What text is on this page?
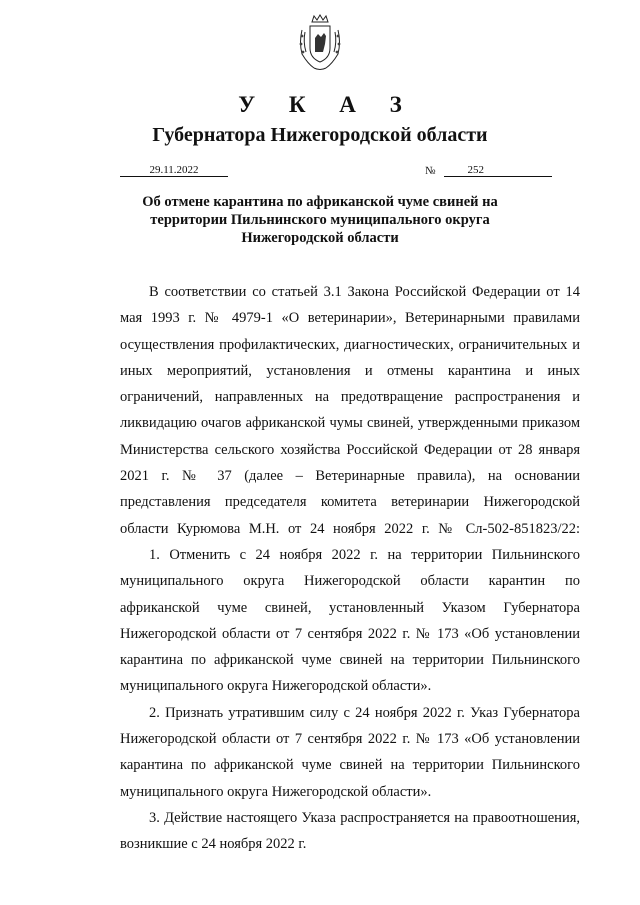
У К А З
Губернатора Нижегородской области
29.11.2022	№	252
Об отмене карантина по африканской чуме свиней на территории Пильнинского муниципального округа Нижегородской области

В соответствии со статьей 3.1 Закона Российской Федерации от 14 мая 1993 г. № 4979-1 «О ветеринарии», Ветеринарными правилами осуществления профилактических, диагностических, ограничительных и иных мероприятий, установления и отмены карантина и иных ограничений, направленных на предотвращение распространения и ликвидацию очагов африканской чумы свиней, утвержденными приказом Министерства сельского хозяйства Российской Федерации от 28 января 2021 г. № 37 (далее – Ветеринарные правила), на основании представления председателя комитета ветеринарии Нижегородской области Курюмова М.Н. от 24 ноября 2022 г. № Сл-502-851823/22:

1. Отменить с 24 ноября 2022 г. на территории Пильнинского муниципального округа Нижегородской области карантин по африканской чуме свиней, установленный Указом Губернатора Нижегородской области от 7 сентября 2022 г. № 173 «Об установлении карантина по африканской чуме свиней на территории Пильнинского муниципального округа Нижегородской области».

2. Признать утратившим силу с 24 ноября 2022 г. Указ Губернатора Нижегородской области от 7 сентября 2022 г. № 173 «Об установлении карантина по африканской чуме свиней на территории Пильнинского муниципального округа Нижегородской области».

3. Действие настоящего Указа распространяется на правоотношения, возникшие с 24 ноября 2022 г.
